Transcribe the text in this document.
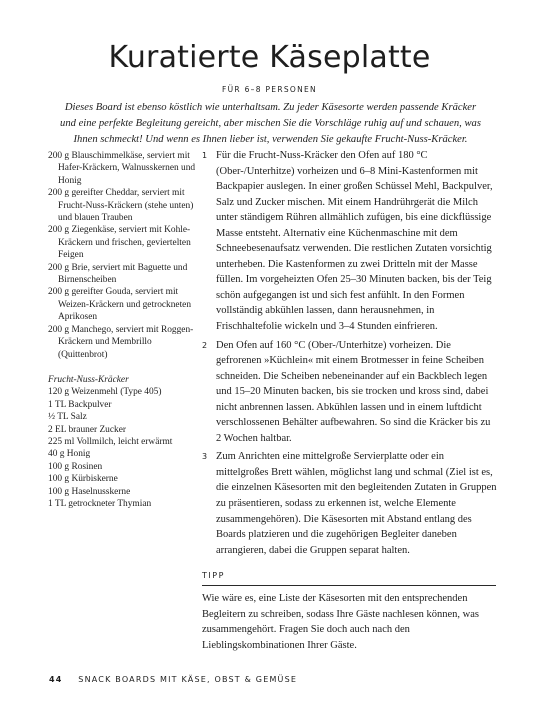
Kuratierte Käseplatte
FÜR 6–8 PERSONEN

Dieses Board ist ebenso köstlich wie unterhaltsam. Zu jeder Käsesorte werden passende Kräcker und eine perfekte Begleitung gereicht, aber mischen Sie die Vorschläge ruhig auf und schauen, was Ihnen schmeckt! Und wenn es Ihnen lieber ist, verwenden Sie gekaufte Frucht-Nuss-Kräcker.

200 g Blauschimmelkäse, serviert mit Hafer-Kräckern, Walnusskernen und Honig

200 g gereifter Cheddar, serviert mit Frucht-Nuss-Kräckern (stehe unten) und blauen Trauben

200 g Ziegenkäse, serviert mit Kohle-Kräckern und frischen, geviertelten Feigen

200 g Brie, serviert mit Baguette und Birnenscheiben

200 g gereifter Gouda, serviert mit Weizen-Kräckern und getrockneten Aprikosen

200 g Manchego, serviert mit Roggen-Kräckern und Membrillo (Quittenbrot)

Frucht-Nuss-Kräcker

120 g Weizenmehl (Type 405)

1 TL Backpulver

½ TL Salz

2 EL brauner Zucker

225 ml Vollmilch, leicht erwärmt

40 g Honig

100 g Rosinen

100 g Kürbiskerne

100 g Haselnusskerne

1 TL getrockneter Thymian

1 Für die Frucht-Nuss-Kräcker den Ofen auf 180 °C (Ober-/Unterhitze) vorheizen und 6–8 Mini-Kastenformen mit Backpapier auslegen. In einer großen Schüssel Mehl, Backpulver, Salz und Zucker mischen. Mit einem Handrührgerät die Milch unter ständigem Rühren allmählich zufügen, bis eine dickflüssige Masse entsteht. Alternativ eine Küchenmaschine mit dem Schneebesenaufsatz verwenden. Die restlichen Zutaten vorsichtig unterheben. Die Kastenformen zu zwei Dritteln mit der Masse füllen. Im vorgeheizten Ofen 25–30 Minuten backen, bis der Teig schön aufgegangen ist und sich fest anfühlt. In den Formen vollständig abkühlen lassen, dann herausnehmen, in Frischhaltefolie wickeln und 3–4 Stunden einfrieren.
2 Den Ofen auf 160 °C (Ober-/Unterhitze) vorheizen. Die gefrorenen »Küchlein« mit einem Brotmesser in feine Scheiben schneiden. Die Scheiben nebeneinander auf ein Backblech legen und 15–20 Minuten backen, bis sie trocken und kross sind, dabei nicht anbrennen lassen. Abkühlen lassen und in einem luftdicht verschlossenen Behälter aufbewahren. So sind die Kräcker bis zu 2 Wochen haltbar.
3 Zum Anrichten eine mittelgroße Servierplatte oder ein mittelgroßes Brett wählen, möglichst lang und schmal (Ziel ist es, die einzelnen Käsesorten mit den begleitenden Zutaten in Gruppen zu präsentieren, sodass zu erkennen ist, welche Elemente zusammengehören). Die Käsesorten mit Abstand entlang des Boards platzieren und die zugehörigen Begleiter daneben arrangieren, dabei die Gruppen separat halten.
TIPP

Wie wäre es, eine Liste der Käsesorten mit den entsprechenden Begleitern zu schreiben, sodass Ihre Gäste nachlesen können, was zusammengehört. Fragen Sie doch auch nach den Lieblingskombinationen Ihrer Gäste.

44 SNACK BOARDS MIT KÄSE, OBST & GEMÜSE
